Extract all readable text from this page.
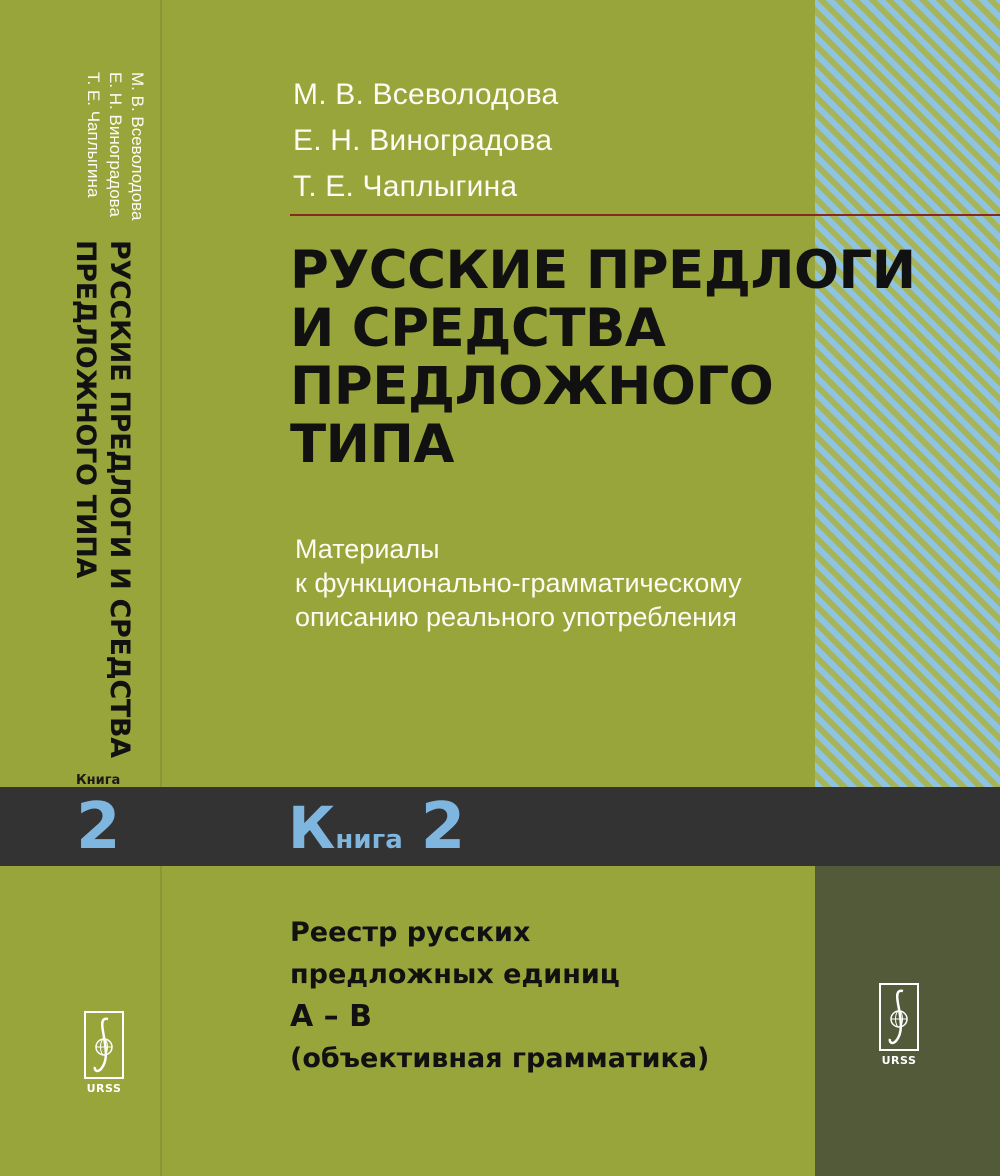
М. В. Всеволодова
Е. Н. Виноградова
Т. Е. Чаплыгина
РУССКИЕ ПРЕДЛОГИ И СРЕДСТВА
ПРЕДЛОЖНОГО ТИПА
Книга
2
URSS
М. В. Всеволодова
Е. Н. Виноградова
Т. Е. Чаплыгина
РУССКИЕ ПРЕДЛОГИ
И СРЕДСТВА
ПРЕДЛОЖНОГО
ТИПА
Материалы
к функционально-грамматическому
описанию реального употребления
К нига 2
Реестр русских
предложных единиц
А – В
(объективная грамматика)	URSS
